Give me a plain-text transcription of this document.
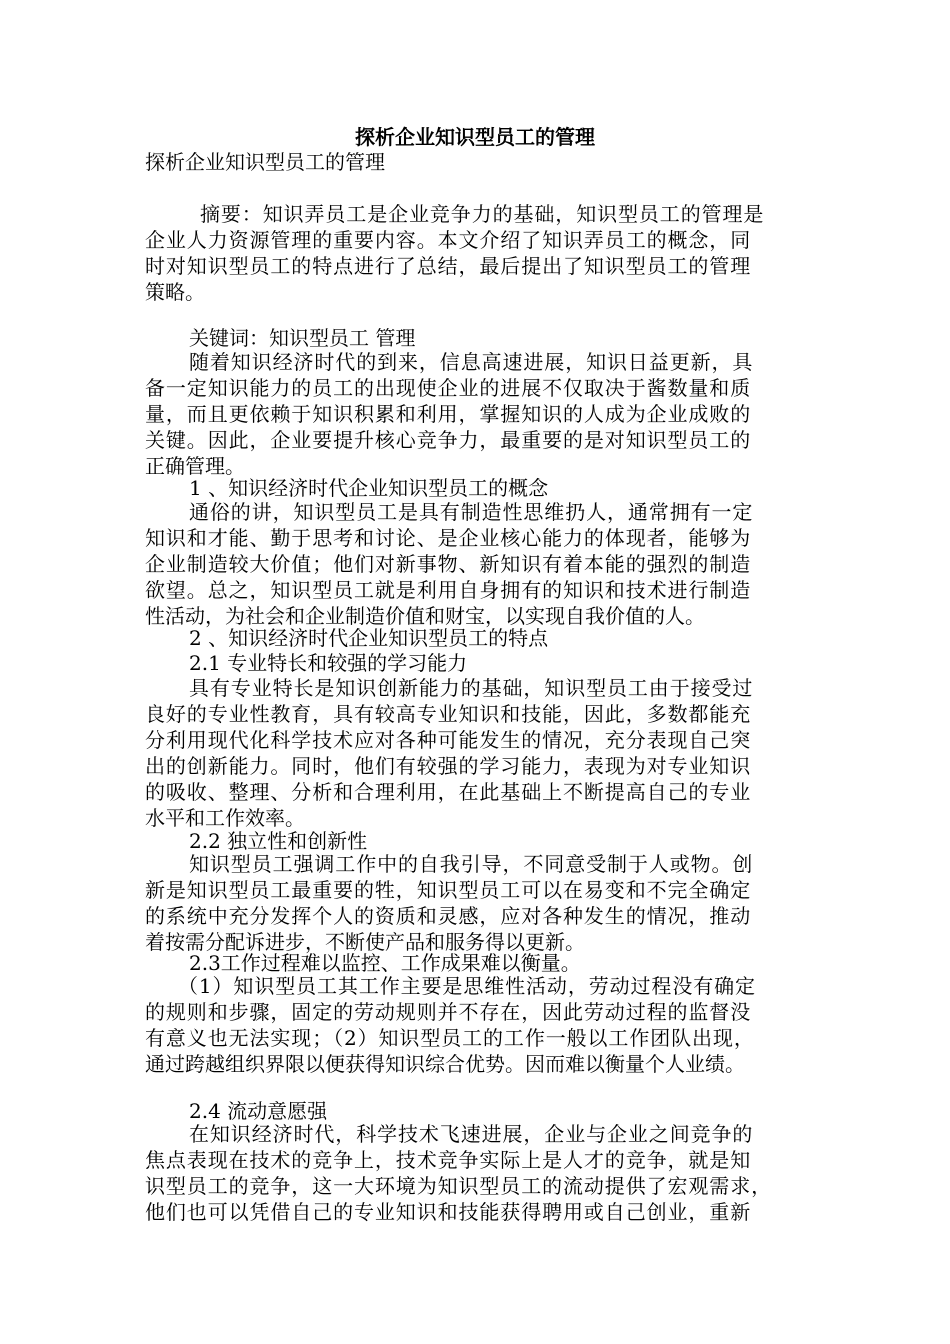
探析企业知识型员工的管理
探析企业知识型员工的管理
摘要：知识弄员工是企业竞争力的基础，知识型员工的管理是
企业人力资源管理的重要内容。本文介绍了知识弄员工的概念，同
时对知识型员工的特点进行了总结，最后提出了知识型员工的管理
策略。
关键词：知识型员工 管理
随着知识经济时代的到来，信息高速进展，知识日益更新，具
备一定知识能力的员工的出现使企业的进展不仅取决于酱数量和质
量，而且更依赖于知识积累和利用，掌握知识的人成为企业成败的
关键。因此，企业要提升核心竞争力，最重要的是对知识型员工的
正确管理。
1 、知识经济时代企业知识型员工的概念
通俗的讲，知识型员工是具有制造性思维扔人，通常拥有一定
知识和才能、勤于思考和讨论、是企业核心能力的体现者，能够为
企业制造较大价值；他们对新事物、新知识有着本能的强烈的制造
欲望。总之，知识型员工就是利用自身拥有的知识和技术进行制造
性活动，为社会和企业制造价值和财宝，以实现自我价值的人。
2 、知识经济时代企业知识型员工的特点
2.1 专业特长和较强的学习能力
具有专业特长是知识创新能力的基础，知识型员工由于接受过
良好的专业性教育，具有较高专业知识和技能，因此，多数都能充
分利用现代化科学技术应对各种可能发生的情况，充分表现自己突
出的创新能力。同时，他们有较强的学习能力，表现为对专业知识
的吸收、整理、分析和合理利用，在此基础上不断提高自己的专业
水平和工作效率。
2.2 独立性和创新性
知识型员工强调工作中的自我引导，不同意受制于人或物。创
新是知识型员工最重要的牲，知识型员工可以在易变和不完全确定
的系统中充分发挥个人的资质和灵感，应对各种发生的情况，推动
着按需分配诉进步，不断使产品和服务得以更新。
2.3工作过程难以监控、工作成果难以衡量。
（1）知识型员工其工作主要是思维性活动，劳动过程没有确定
的规则和步骤，固定的劳动规则并不存在，因此劳动过程的监督没
有意义也无法实现；（2）知识型员工的工作一般以工作团队出现，
通过跨越组织界限以便获得知识综合优势。因而难以衡量个人业绩。
2.4 流动意愿强
在知识经济时代，科学技术飞速进展，企业与企业之间竞争的
焦点表现在技术的竞争上，技术竞争实际上是人才的竞争，就是知
识型员工的竞争，这一大环境为知识型员工的流动提供了宏观需求，
他们也可以凭借自己的专业知识和技能获得聘用或自己创业，重新
